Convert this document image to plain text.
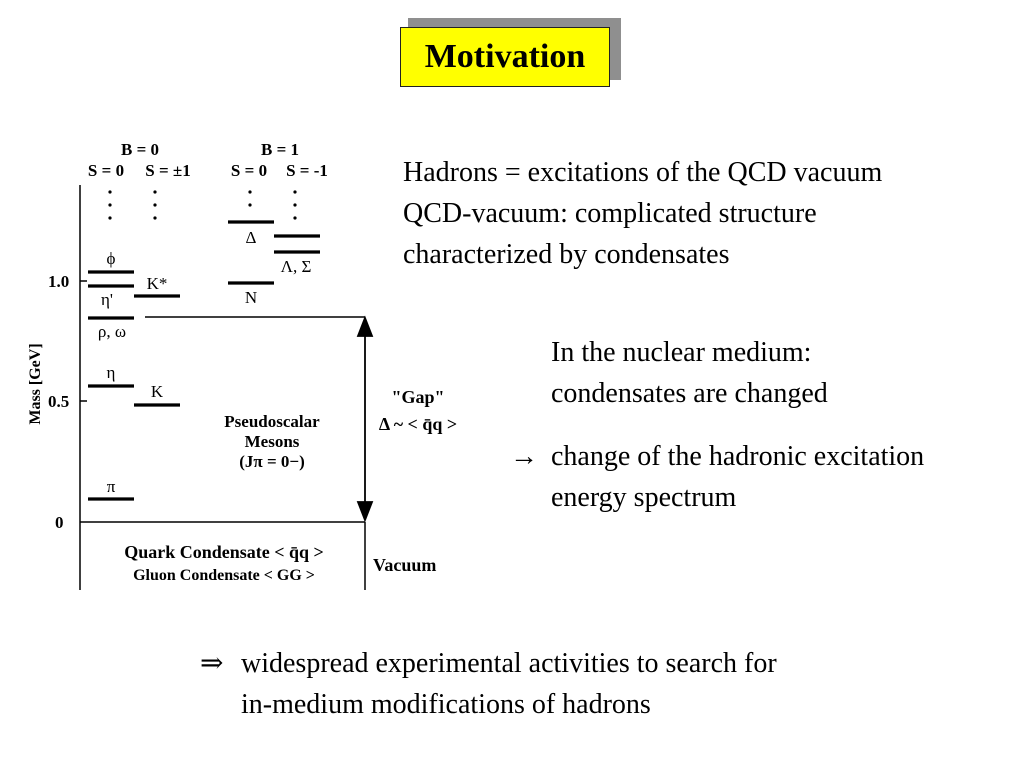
Motivation
B = 0	B = 1
S = 0 S = ±1 S = 0 S = -1
1.0
0.5
0
Mass [GeV]
ϕ
K*
η'
ρ, ω
η
K
π
Δ
Λ, Σ
N
Pseudoscalar
Mesons
(Jπ = 0−)
"Gap"
Δ ~ < q̄q >
Quark Condensate < q̄q >
Gluon Condensate < GG >
Vacuum
Hadrons = excitations of the QCD vacuum
QCD-vacuum: complicated structure
characterized by condensates
In the nuclear medium:
condensates are changed
→ change of the hadronic excitation
energy spectrum
⇒ widespread experimental activities to search for
in-medium modifications of hadrons
